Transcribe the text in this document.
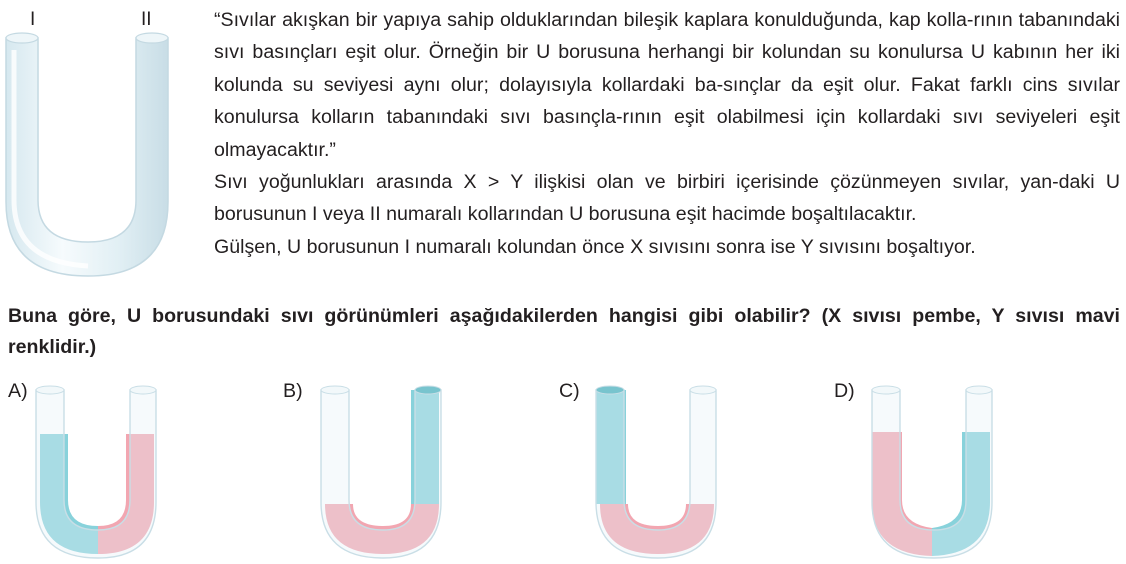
I	II	“Sıvılar akışkan bir yapıya sahip olduklarından bileşik kaplara konulduğunda, kap kolla-rının tabanındaki sıvı basınçları eşit olur. Örneğin bir U borusuna herhangi bir kolundan su konulursa U kabının her iki kolunda su seviyesi aynı olur; dolayısıyla kollardaki ba-sınçlar da eşit olur. Fakat farklı cins sıvılar konulursa kolların tabanındaki sıvı basınçla-rının eşit olabilmesi için kollardaki sıvı seviyeleri eşit olmayacaktır.”

Sıvı yoğunlukları arasında X > Y ilişkisi olan ve birbiri içerisinde çözünmeyen sıvılar, yan-daki U borusunun I veya II numaralı kollarından U borusuna eşit hacimde boşaltılacaktır.

Gülşen, U borusunun I numaralı kolundan önce X sıvısını sonra ise Y sıvısını boşaltıyor.

Buna göre, U borusundaki sıvı görünümleri aşağıdakilerden hangisi gibi olabilir? (X sıvısı pembe, Y sıvısı mavi renklidir.)
A)	B)	C)	D)
